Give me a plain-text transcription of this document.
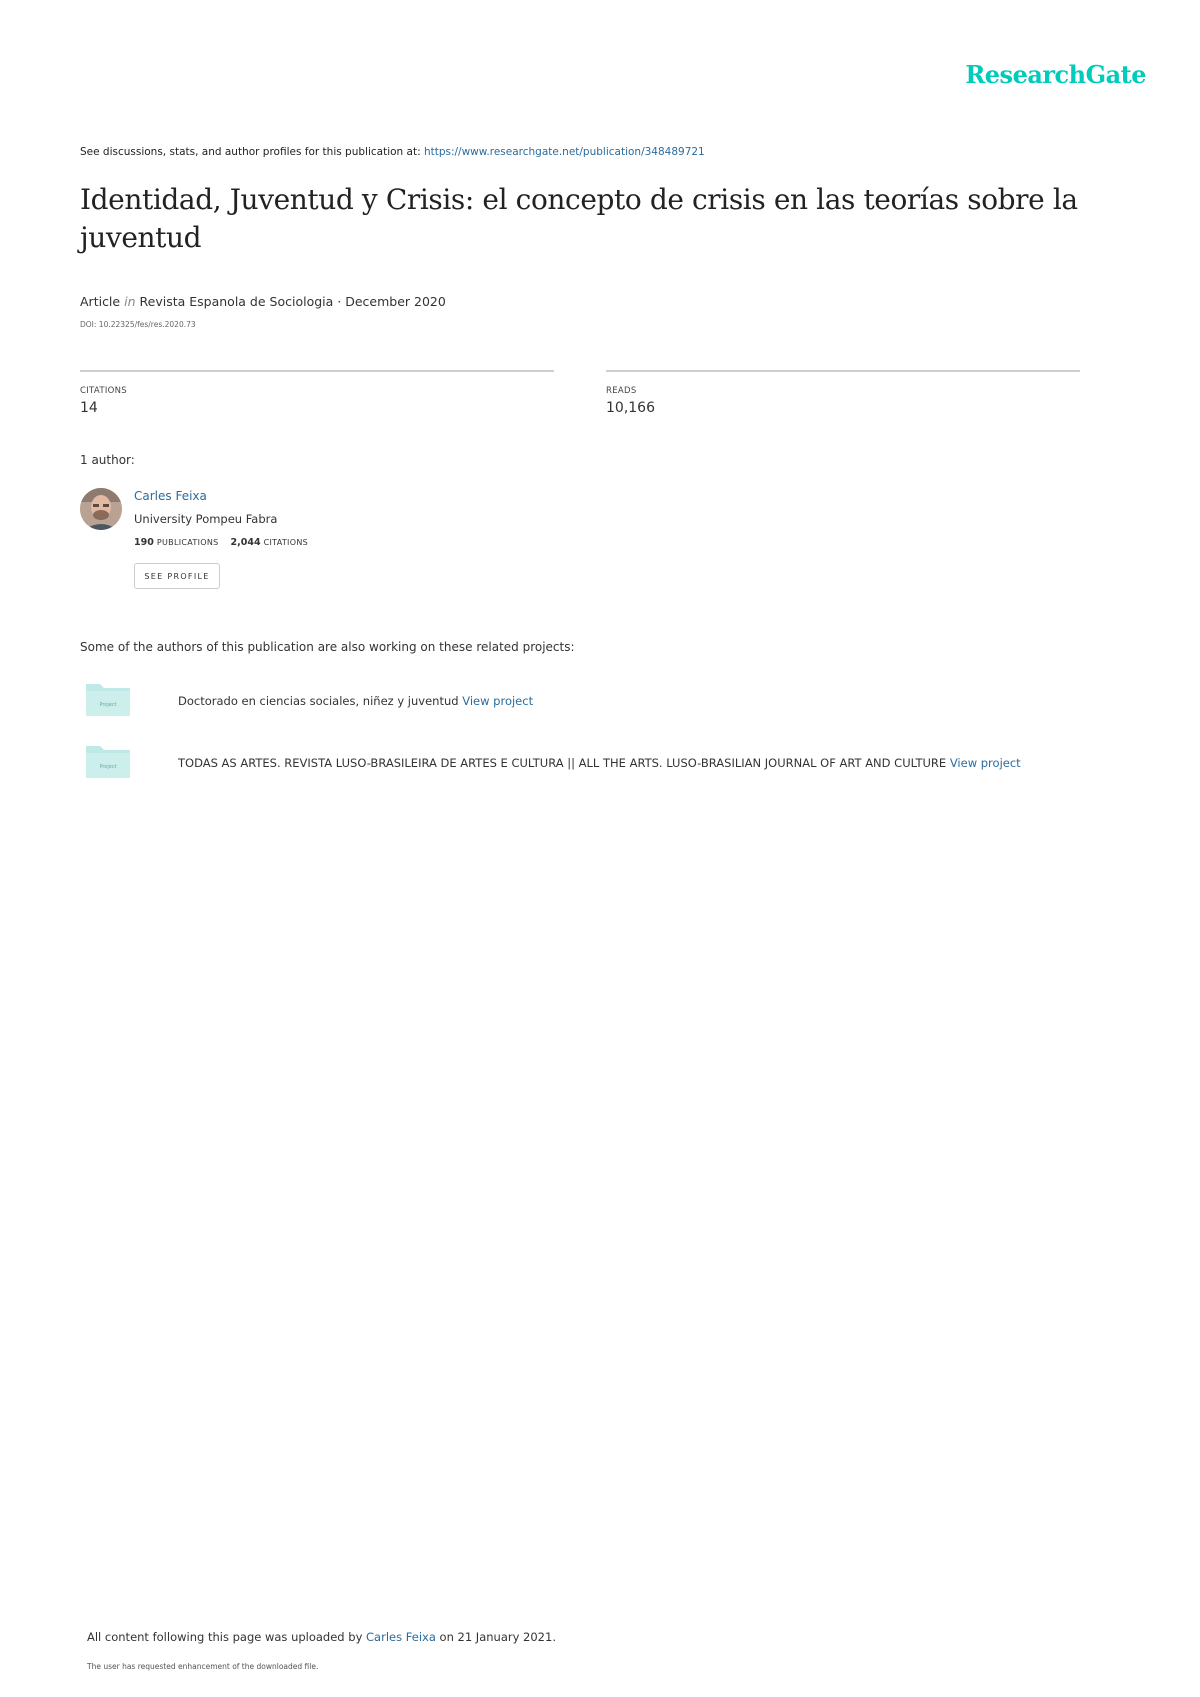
ResearchGate
See discussions, stats, and author profiles for this publication at: https://www.researchgate.net/publication/348489721
Identidad, Juventud y Crisis: el concepto de crisis en las teorías sobre la juventud
Article in Revista Espanola de Sociologia · December 2020
DOI: 10.22325/fes/res.2020.73
CITATIONS
14
READS
10,166
1 author:
Carles Feixa
University Pompeu Fabra
190 PUBLICATIONS 2,044 CITATIONS
SEE PROFILE
Some of the authors of this publication are also working on these related projects:
Project	Doctorado en ciencias sociales, niñez y juventud View project
Project	TODAS AS ARTES. REVISTA LUSO-BRASILEIRA DE ARTES E CULTURA || ALL THE ARTS. LUSO-BRASILIAN JOURNAL OF ART AND CULTURE View project
All content following this page was uploaded by Carles Feixa on 21 January 2021.
The user has requested enhancement of the downloaded file.
